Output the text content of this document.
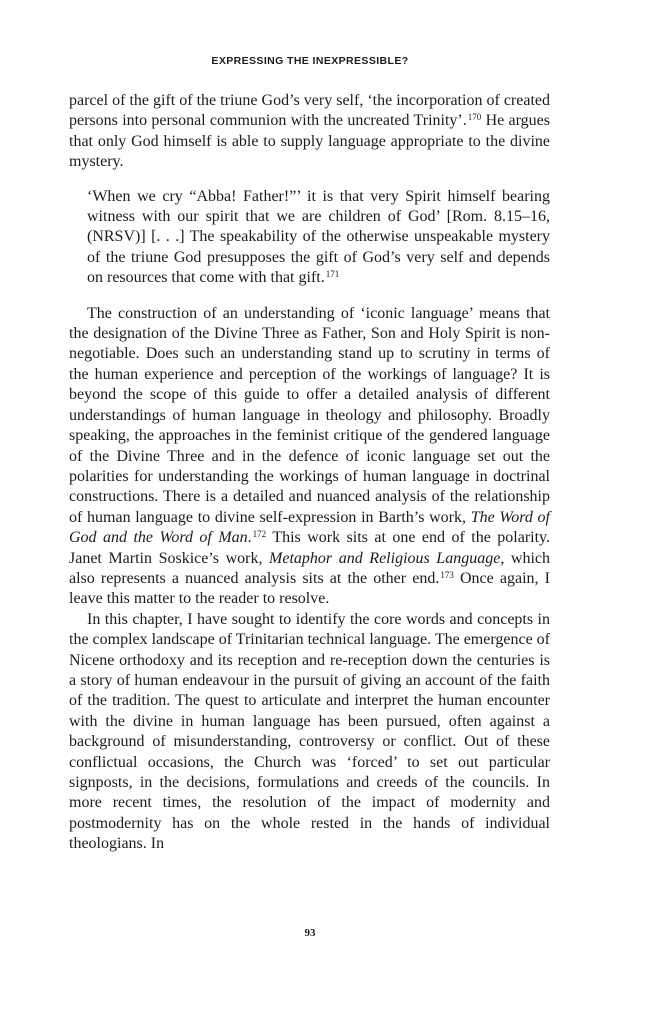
EXPRESSING THE INEXPRESSIBLE?

parcel of the gift of the triune God’s very self, ‘the incorporation of created persons into personal communion with the uncreated Trinity’.$^{170}$ He argues that only God himself is able to supply language appropriate to the divine mystery.

‘When we cry “Abba! Father!”’ it is that very Spirit himself bearing witness with our spirit that we are children of God’ [Rom. 8.15–16, (NRSV)] [. . .] The speakability of the otherwise unspeakable mystery of the triune God presupposes the gift of God’s very self and depends on resources that come with that gift.$^{171}$

The construction of an understanding of ‘iconic language’ means that the designation of the Divine Three as Father, Son and Holy Spirit is non-negotiable. Does such an understanding stand up to scrutiny in terms of the human experience and perception of the workings of language? It is beyond the scope of this guide to offer a detailed analysis of different understandings of human language in theology and philosophy. Broadly speaking, the approaches in the feminist critique of the gendered language of the Divine Three and in the defence of iconic language set out the polarities for understanding the workings of human language in doctrinal constructions. There is a detailed and nuanced analysis of the relationship of human language to divine self-expression in Barth’s work, The Word of God and the Word of Man.$^{172}$ This work sits at one end of the polarity. Janet Martin Soskice’s work, Metaphor and Religious Language, which also represents a nuanced analysis sits at the other end.$^{173}$ Once again, I leave this matter to the reader to resolve.

In this chapter, I have sought to identify the core words and concepts in the complex landscape of Trinitarian technical language. The emergence of Nicene orthodoxy and its reception and re-reception down the centuries is a story of human endeavour in the pursuit of giving an account of the faith of the tradition. The quest to articulate and interpret the human encounter with the divine in human language has been pursued, often against a background of misunderstanding, controversy or conflict. Out of these conflictual occasions, the Church was ‘forced’ to set out particular signposts, in the decisions, formulations and creeds of the councils. In more recent times, the resolution of the impact of modernity and postmodernity has on the whole rested in the hands of individual theologians. In

93
